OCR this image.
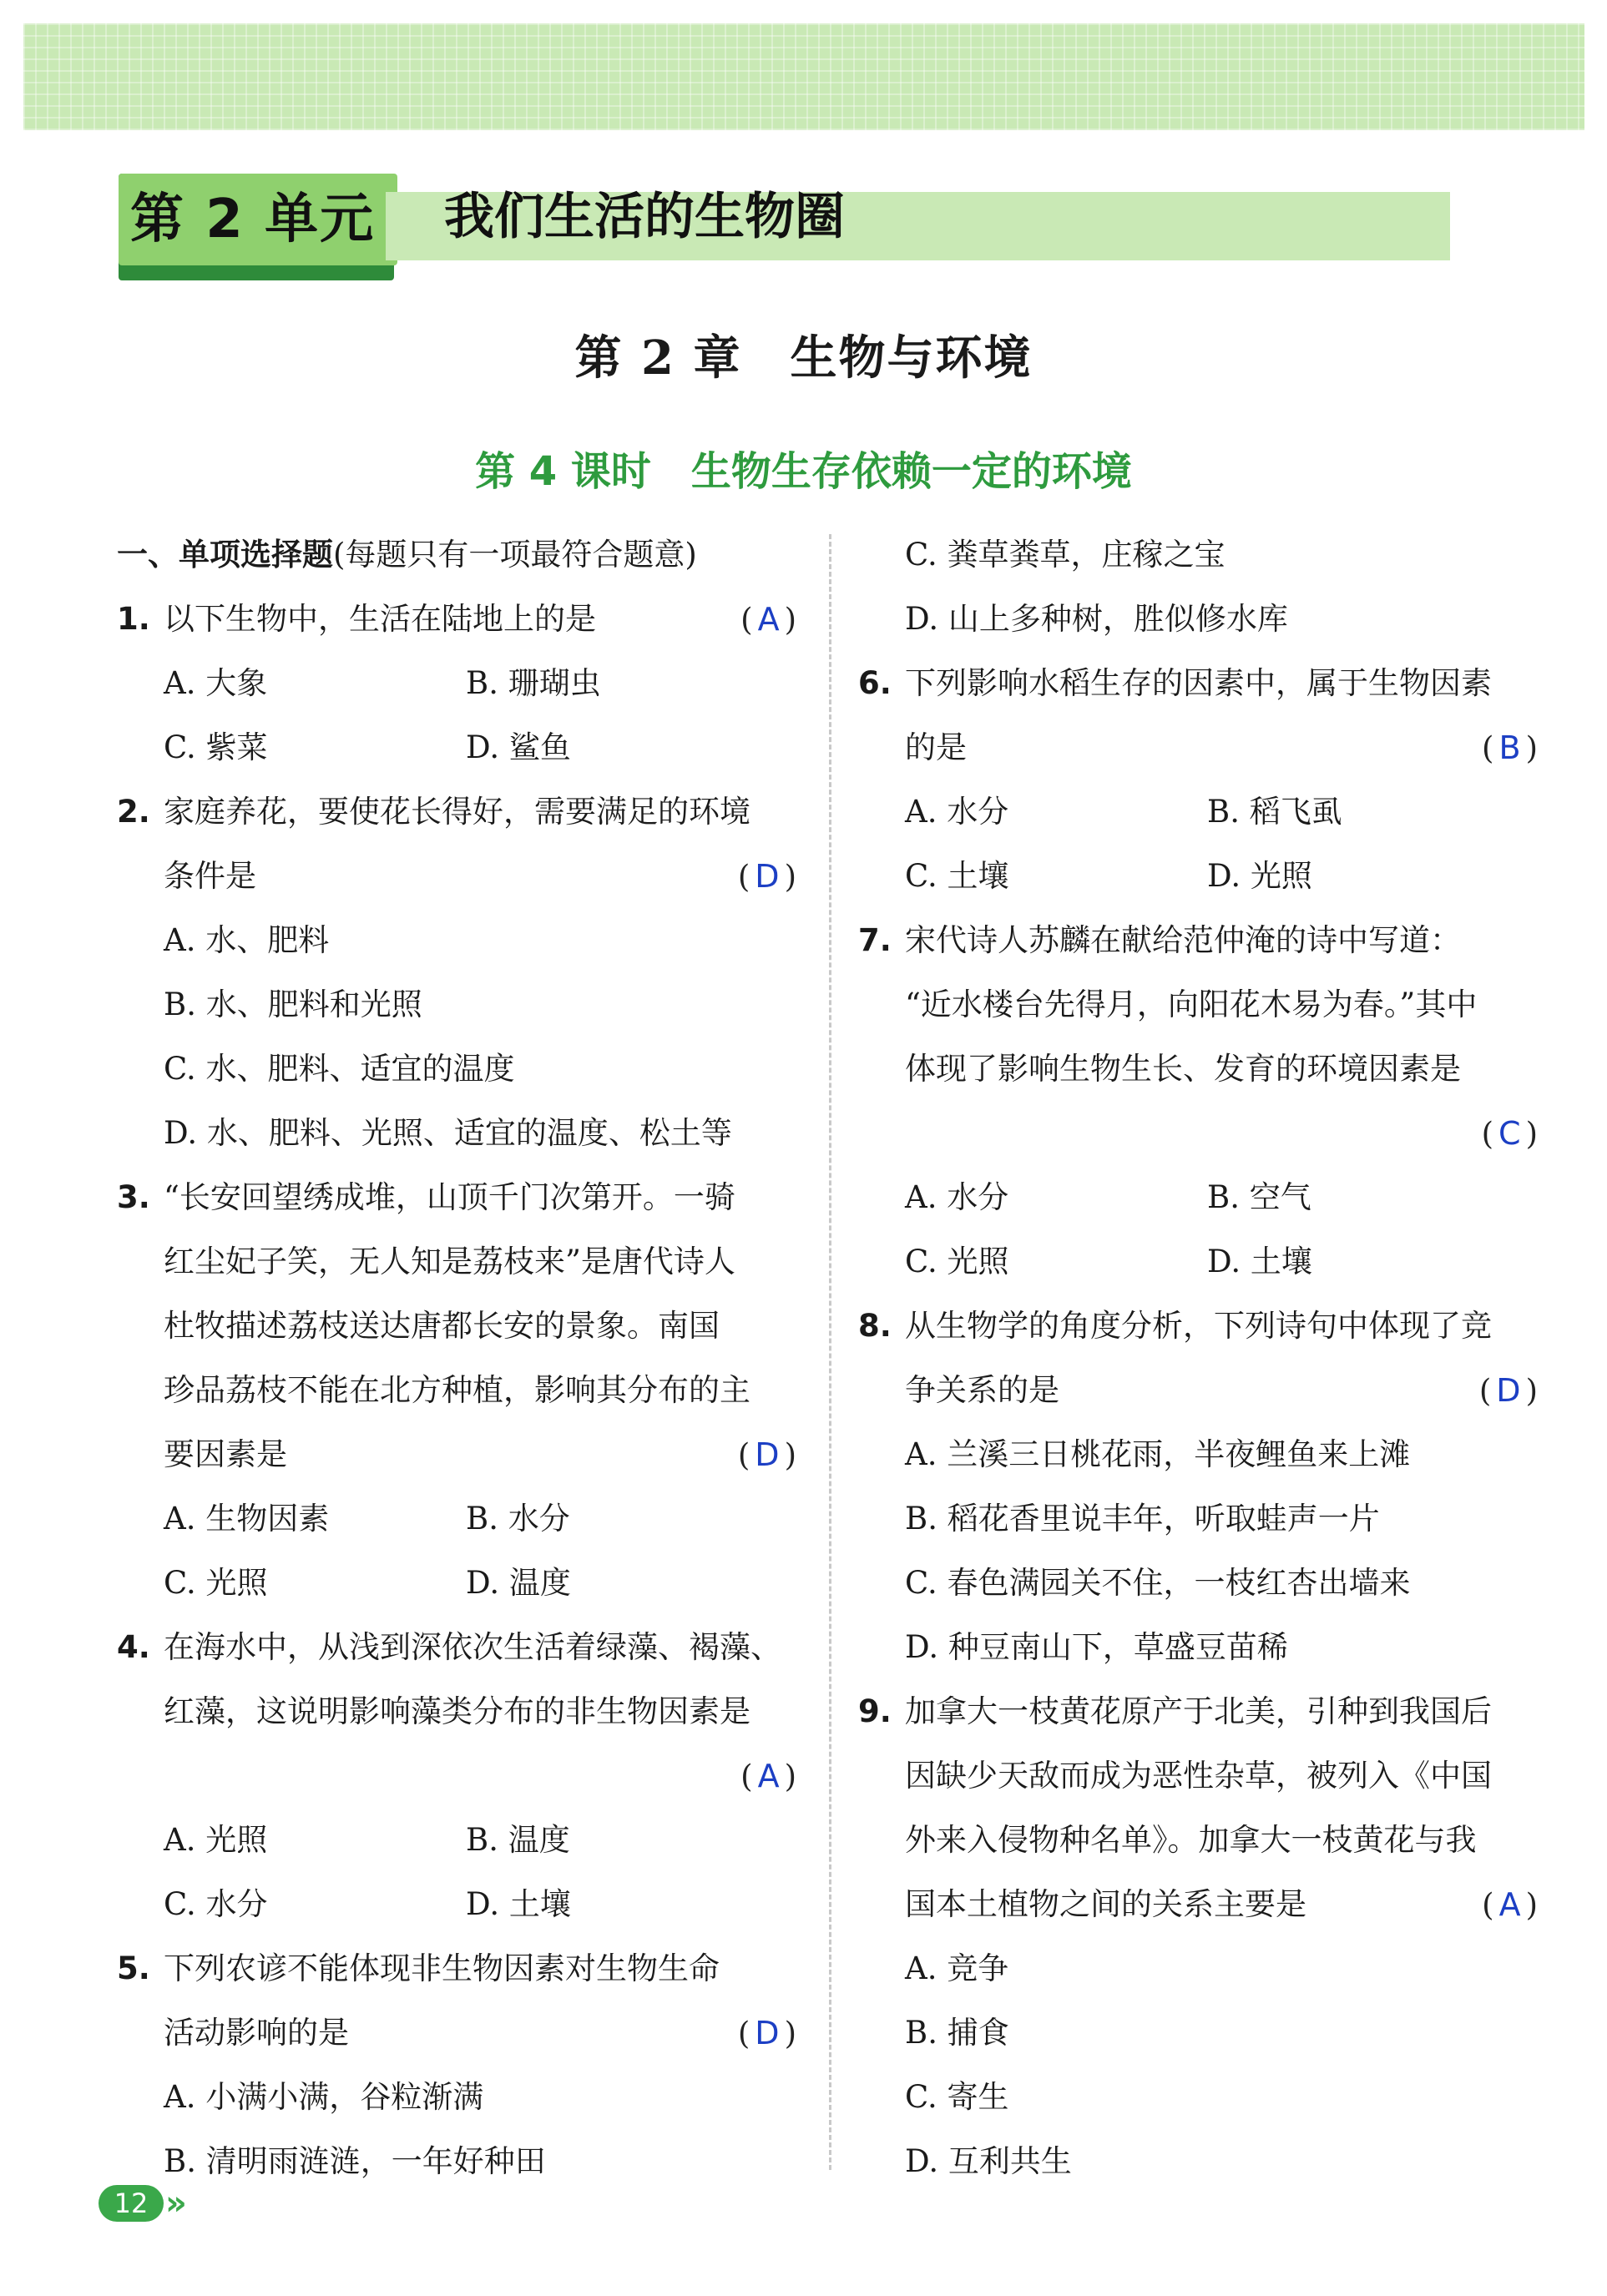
第 2 单元	我们生活的生物圈
第 2 章　生物与环境
第 4 课时　生物生存依赖一定的环境
一、单项选择题(每题只有一项最符合题意)
1. 以下生物中，生活在陆地上的是	(A)
A. 大象	B. 珊瑚虫
C. 紫菜	D. 鲨鱼
2. 家庭养花，要使花长得好，需要满足的环境
条件是	(D)
A. 水、肥料
B. 水、肥料和光照
C. 水、肥料、适宜的温度
D. 水、肥料、光照、适宜的温度、松土等
3. “长安回望绣成堆，山顶千门次第开。一骑
红尘妃子笑，无人知是荔枝来”是唐代诗人
杜牧描述荔枝送达唐都长安的景象。南国
珍品荔枝不能在北方种植，影响其分布的主
要因素是	(D)
A. 生物因素	B. 水分
C. 光照	D. 温度
4. 在海水中，从浅到深依次生活着绿藻、褐藻、
红藻，这说明影响藻类分布的非生物因素是
(A)
A. 光照	B. 温度
C. 水分	D. 土壤
5. 下列农谚不能体现非生物因素对生物生命
活动影响的是	(D)
A. 小满小满，谷粒渐满
B. 清明雨涟涟，一年好种田
C. 粪草粪草，庄稼之宝
D. 山上多种树，胜似修水库
6. 下列影响水稻生存的因素中，属于生物因素
的是	(B)
A. 水分	B. 稻飞虱
C. 土壤	D. 光照
7. 宋代诗人苏麟在献给范仲淹的诗中写道：
“近水楼台先得月，向阳花木易为春。”其中
体现了影响生物生长、发育的环境因素是
(C)
A. 水分	B. 空气
C. 光照	D. 土壤
8. 从生物学的角度分析，下列诗句中体现了竞
争关系的是	(D)
A. 兰溪三日桃花雨，半夜鲤鱼来上滩
B. 稻花香里说丰年，听取蛙声一片
C. 春色满园关不住，一枝红杏出墙来
D. 种豆南山下，草盛豆苗稀
9. 加拿大一枝黄花原产于北美，引种到我国后
因缺少天敌而成为恶性杂草，被列入《中国
外来入侵物种名单》。加拿大一枝黄花与我
国本土植物之间的关系主要是	(A)
A. 竞争
B. 捕食
C. 寄生
D. 互利共生
12 »
